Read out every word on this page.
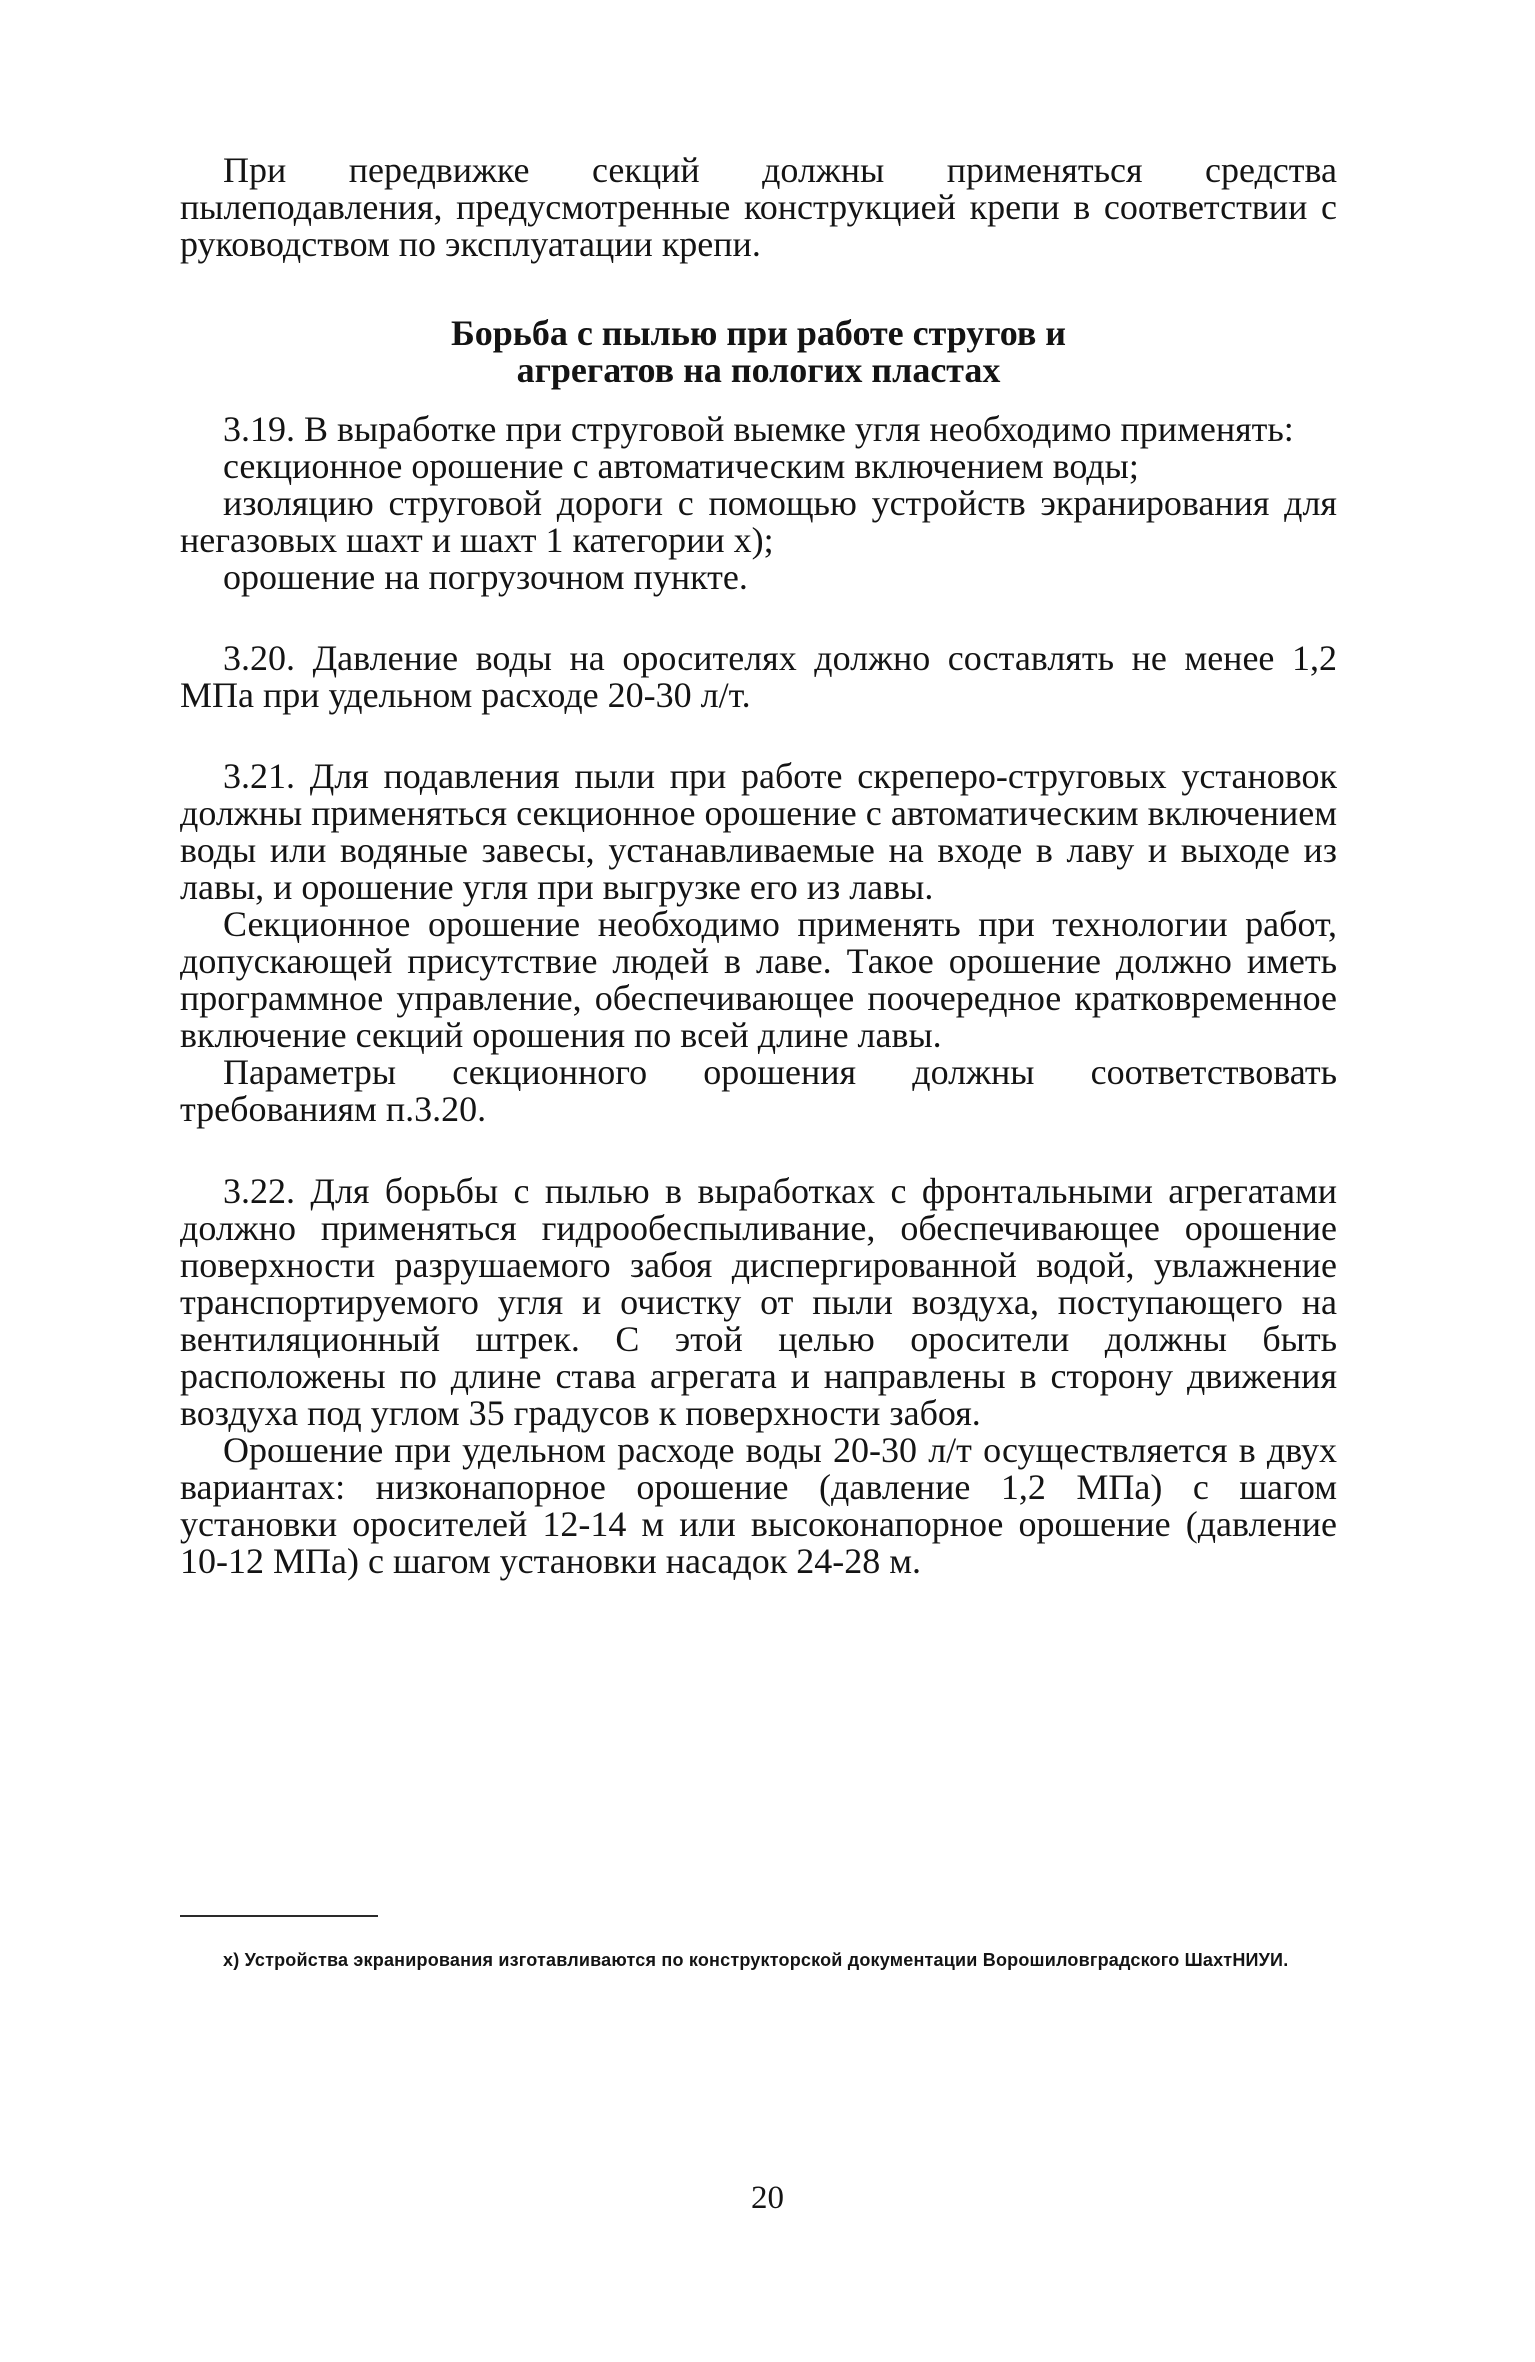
При передвижке секций должны применяться средства пылеподавления, предусмотренные конструкцией крепи в соответствии с руководством по эксплуатации крепи.

Борьба с пылью при работе стругов и
агрегатов на пологих пластах

3.19. В выработке при струговой выемке угля необходимо применять:

секционное орошение с автоматическим включением воды;

изоляцию струговой дороги с помощью устройств экранирования для негазовых шахт и шахт 1 категории х);

орошение на погрузочном пункте.

3.20. Давление воды на оросителях должно составлять не менее 1,2 МПа при удельном расходе 20-30 л/т.

3.21. Для подавления пыли при работе скреперо-струговых установок должны применяться секционное орошение с автоматическим включением воды или водяные завесы, устанавливаемые на входе в лаву и выходе из лавы, и орошение угля при выгрузке его из лавы.

Секционное орошение необходимо применять при технологии работ, допускающей присутствие людей в лаве. Такое орошение должно иметь программное управление, обеспечивающее поочередное кратковременное включение секций орошения по всей длине лавы.

Параметры секционного орошения должны соответствовать требованиям п.3.20.

3.22. Для борьбы с пылью в выработках с фронтальными агрегатами должно применяться гидрообеспыливание, обеспечивающее орошение поверхности разрушаемого забоя диспергированной водой, увлажнение транспортируемого угля и очистку от пыли воздуха, поступающего на вентиляционный штрек. С этой целью оросители должны быть расположены по длине става агрегата и направлены в сторону движения воздуха под углом 35 градусов к поверхности забоя.

Орошение при удельном расходе воды 20-30 л/т осуществляется в двух вариантах: низконапорное орошение (давление 1,2 МПа) с шагом установки оросителей 12-14 м или высоконапорное орошение (давление 10-12 МПа) с шагом установки насадок 24-28 м.

х) Устройства экранирования изготавливаются по конструкторской документации Ворошиловградского ШахтНИУИ.

20
